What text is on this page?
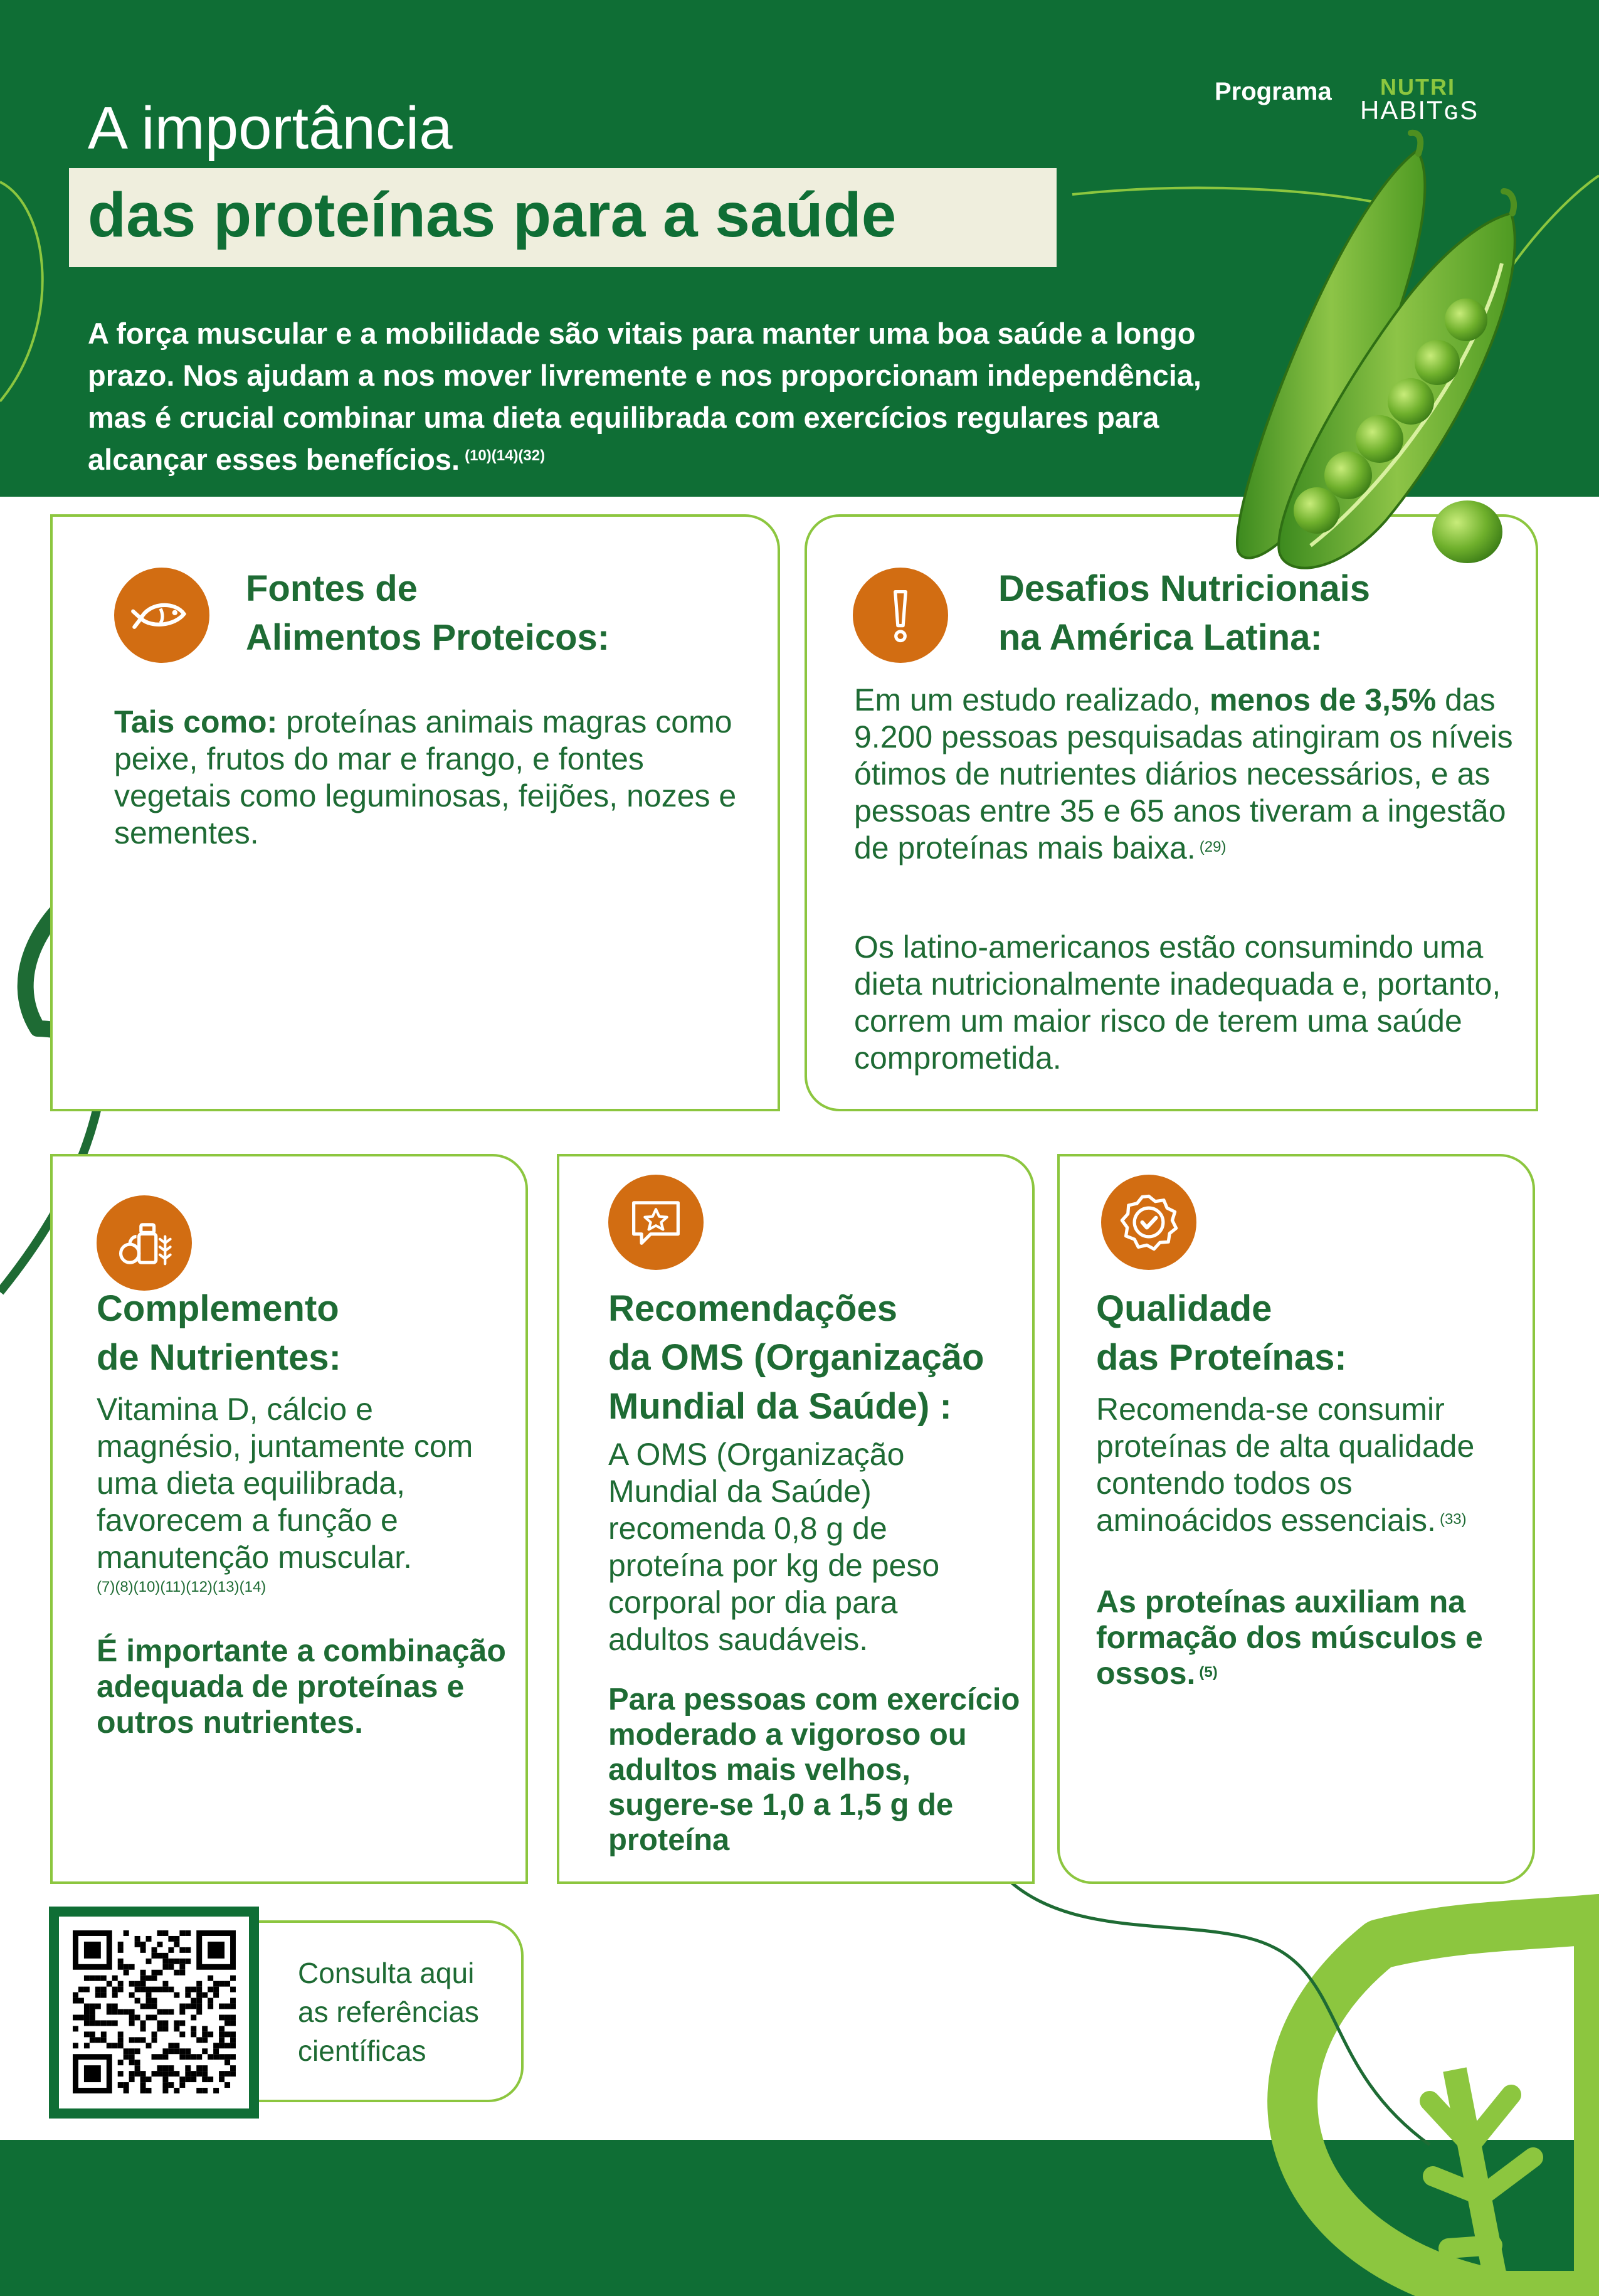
Programa NUTRI
HABITɢS
A importância
das proteínas para a saúde
A força muscular e a mobilidade são vitais para manter uma boa saúde a longo prazo. Nos ajudam a nos mover livremente e nos proporcionam independência, mas é crucial combinar uma dieta equilibrada com exercícios regulares para alcançar esses benefícios. $^{(10)(14)(32)}$
Fontes de
Alimentos Proteicos:
Tais como: proteínas animais magras como peixe, frutos do mar e frango, e fontes vegetais como leguminosas, feijões, nozes e sementes.
Desafios Nutricionais
na América Latina:
Em um estudo realizado, menos de 3,5% das 9.200 pessoas pesquisadas atingiram os níveis ótimos de nutrientes diários necessários, e as pessoas entre 35 e 65 anos tiveram a ingestão de proteínas mais baixa. $^{(29)}$
Os latino-americanos estão consumindo uma dieta nutricionalmente inadequada e, portanto, correm um maior risco de terem uma saúde comprometida.
Complemento
de Nutrientes:
Vitamina D, cálcio e magnésio, juntamente com uma dieta equilibrada, favorecem a função e manutenção muscular.
(7)(8)(10)(11)(12)(13)(14)
É importante a combinação adequada de proteínas e outros nutrientes.
Recomendações
da OMS (Organização
Mundial da Saúde) :
A OMS (Organização Mundial da Saúde) recomenda 0,8 g de proteína por kg de peso corporal por dia para adultos saudáveis.
Para pessoas com exercício moderado a vigoroso ou adultos mais velhos, sugere-se 1,0 a 1,5 g de proteína
Qualidade
das Proteínas:
Recomenda-se consumir proteínas de alta qualidade contendo todos os aminoácidos essenciais. $^{(33)}$
As proteínas auxiliam na formação dos músculos e ossos. $^{(5)}$
Consulta aqui as referências científicas
